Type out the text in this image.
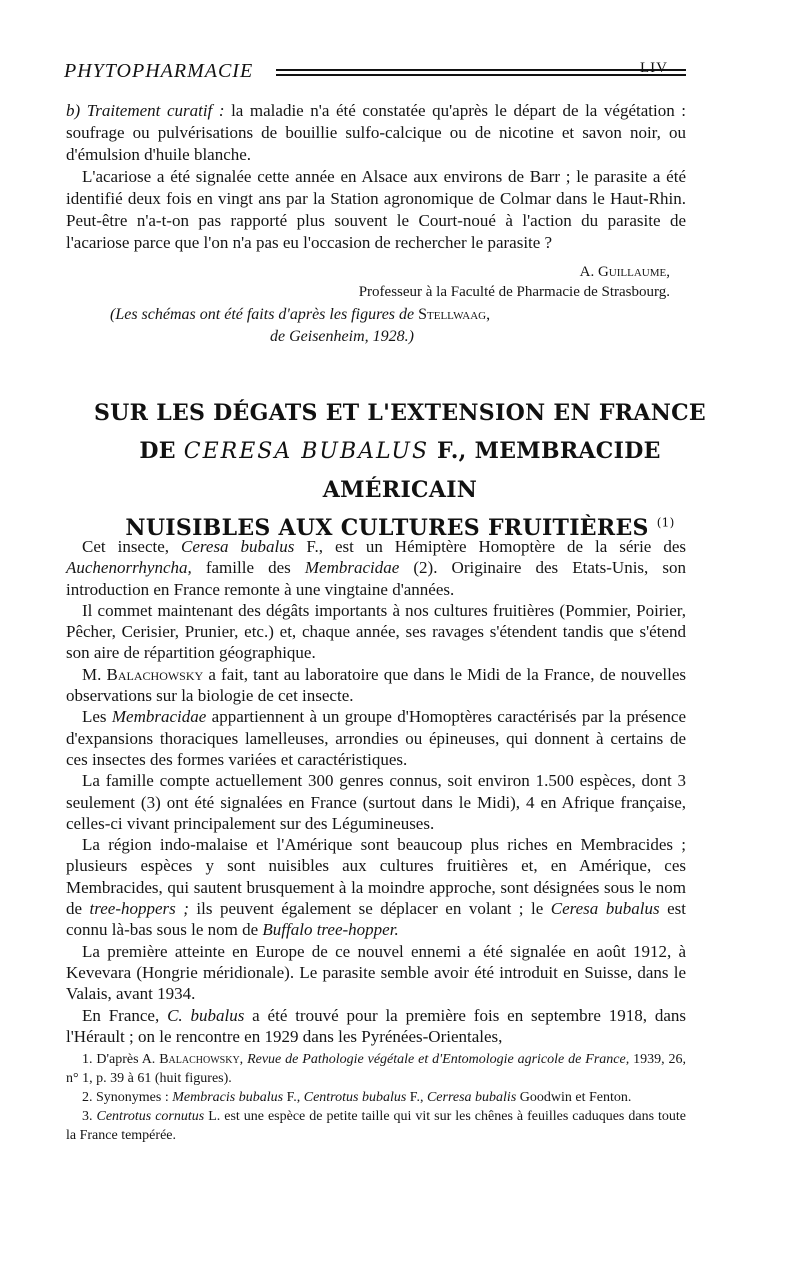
PHYTOPHARMACIE	LIV

b) Traitement curatif : la maladie n'a été constatée qu'après le départ de la végétation : soufrage ou pulvérisations de bouillie sulfo-calcique ou de nicotine et savon noir, ou d'émulsion d'huile blanche.

L'acariose a été signalée cette année en Alsace aux environs de Barr ; le parasite a été identifié deux fois en vingt ans par la Station agronomique de Colmar dans le Haut-Rhin. Peut-être n'a-t-on pas rapporté plus souvent le Court-noué à l'action du parasite de l'acariose parce que l'on n'a pas eu l'occasion de rechercher le parasite ?

A. Guillaume,
Professeur à la Faculté de Pharmacie de Strasbourg.
(Les schémas ont été faits d'après les figures de Stellwaag,
de Geisenheim, 1928.)
SUR LES DÉGATS ET L'EXTENSION EN FRANCE
DE CERESA BUBALUS F., MEMBRACIDE AMÉRICAIN
NUISIBLES AUX CULTURES FRUITIÈRES $^{(1)}$

Cet insecte, Ceresa bubalus F., est un Hémiptère Homoptère de la série des Auchenorrhyncha, famille des Membracidae (2). Originaire des Etats-Unis, son introduction en France remonte à une vingtaine d'années.

Il commet maintenant des dégâts importants à nos cultures fruitières (Pommier, Poirier, Pêcher, Cerisier, Prunier, etc.) et, chaque année, ses ravages s'étendent tandis que s'étend son aire de répartition géographique.

M. Balachowsky a fait, tant au laboratoire que dans le Midi de la France, de nouvelles observations sur la biologie de cet insecte.

Les Membracidae appartiennent à un groupe d'Homoptères caractérisés par la présence d'expansions thoraciques lamelleuses, arrondies ou épineuses, qui donnent à certains de ces insectes des formes variées et caractéristiques.

La famille compte actuellement 300 genres connus, soit environ 1.500 espèces, dont 3 seulement (3) ont été signalées en France (surtout dans le Midi), 4 en Afrique française, celles-ci vivant principalement sur des Légumineuses.

La région indo-malaise et l'Amérique sont beaucoup plus riches en Membracides ; plusieurs espèces y sont nuisibles aux cultures fruitières et, en Amérique, ces Membracides, qui sautent brusquement à la moindre approche, sont désignées sous le nom de tree-hoppers ; ils peuvent également se déplacer en volant ; le Ceresa bubalus est connu là-bas sous le nom de Buffalo tree-hopper.

La première atteinte en Europe de ce nouvel ennemi a été signalée en août 1912, à Kevevara (Hongrie méridionale). Le parasite semble avoir été introduit en Suisse, dans le Valais, avant 1934.

En France, C. bubalus a été trouvé pour la première fois en septembre 1918, dans l'Hérault ; on le rencontre en 1929 dans les Pyrénées-Orientales,

1. D'après A. Balachowsky, Revue de Pathologie végétale et d'Entomologie agricole de France, 1939, 26, n° 1, p. 39 à 61 (huit figures).

2. Synonymes : Membracis bubalus F., Centrotus bubalus F., Cerresa bubalis Goodwin et Fenton.

3. Centrotus cornutus L. est une espèce de petite taille qui vit sur les chênes à feuilles caduques dans toute la France tempérée.
